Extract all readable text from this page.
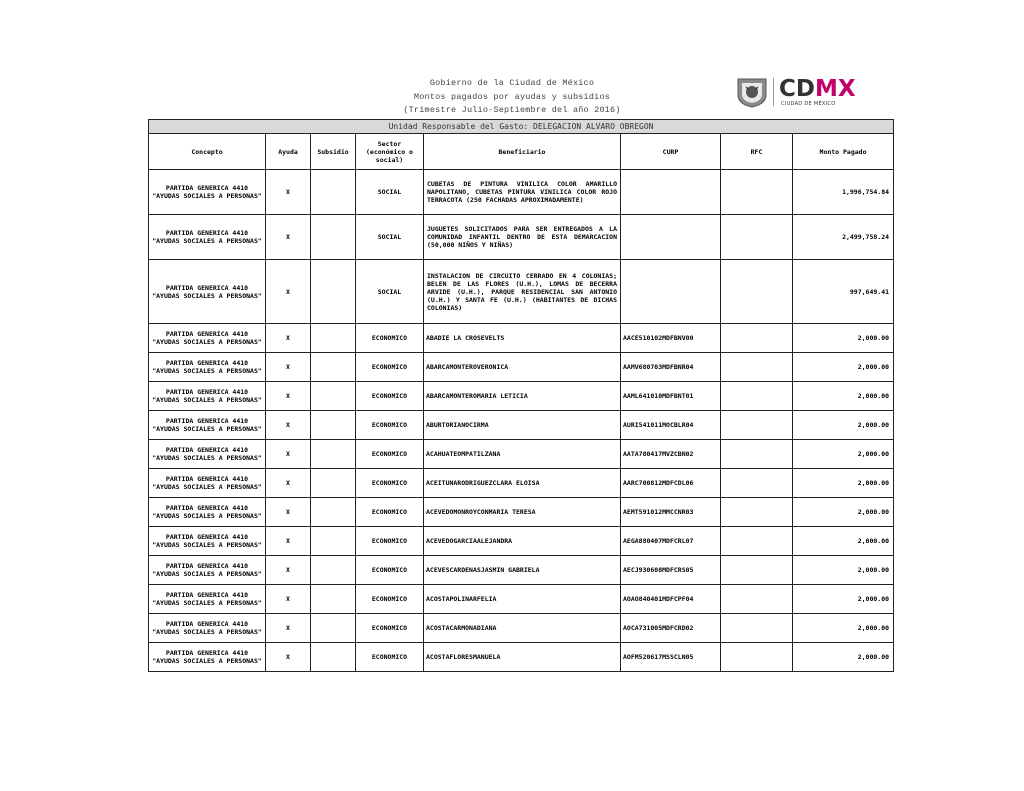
Gobierno de la Ciudad de México
Montos pagados por ayudas y subsidios
(Trimestre Julio-Septiembre del año 2016)
CDMX
CIUDAD DE MÉXICO
Unidad Responsable del Gasto: DELEGACION ALVARO OBREGON							
Concepto	Ayuda	Subsidio	Sector (económico o social)	Beneficiario	CURP	RFC	Monto Pagado
PARTIDA GENERICA 4410 "AYUDAS SOCIALES A PERSONAS"	X		SOCIAL	CUBETAS DE PINTURA VINILICA COLOR AMARILLO NAPOLITANO, CUBETAS PINTURA VINILICA COLOR ROJO TERRACOTA (250 FACHADAS APROXIMADAMENTE)			1,996,754.84
PARTIDA GENERICA 4410 "AYUDAS SOCIALES A PERSONAS"	X		SOCIAL	JUGUETES SOLICITADOS PARA SER ENTREGADOS A LA COMUNIDAD INFANTIL DENTRO DE ESTA DEMARCACION (50,000 NIÑOS Y NIÑAS)			2,499,758.24
PARTIDA GENERICA 4410 "AYUDAS SOCIALES A PERSONAS"	X		SOCIAL	INSTALACION DE CIRCUITO CERRADO EN 4 COLONIAS; BELEN DE LAS FLORES (U.H.), LOMAS DE BECERRA ARVIDE (U.H.), PARQUE RESIDENCIAL SAN ANTONIO (U.H.) Y SANTA FE (U.H.) (HABITANTES DE DICHAS COLONIAS)			997,649.41
PARTIDA GENERICA 4410 "AYUDAS SOCIALES A PERSONAS"	X		ECONOMICO	ABADIE LA CROSEVELTS	AACE510102MDFBNV00		2,000.00
PARTIDA GENERICA 4410 "AYUDAS SOCIALES A PERSONAS"	X		ECONOMICO	ABARCAMONTEROVERONICA	AAMV680703MDFBNR04		2,000.00
PARTIDA GENERICA 4410 "AYUDAS SOCIALES A PERSONAS"	X		ECONOMICO	ABARCAMONTEROMARIA LETICIA	AAML641010MDFBNT01		2,000.00
PARTIDA GENERICA 4410 "AYUDAS SOCIALES A PERSONAS"	X		ECONOMICO	ABURTORIANOCIRMA	AURI541011MOCBLR04		2,000.00
PARTIDA GENERICA 4410 "AYUDAS SOCIALES A PERSONAS"	X		ECONOMICO	ACAHUATEOMPATILZANA	AATA780417MVZCBN02		2,000.00
PARTIDA GENERICA 4410 "AYUDAS SOCIALES A PERSONAS"	X		ECONOMICO	ACEITUNARODRIGUEZCLARA ELOISA	AARC700812MDFCDL06		2,000.00
PARTIDA GENERICA 4410 "AYUDAS SOCIALES A PERSONAS"	X		ECONOMICO	ACEVEDOMONROYCONMARIA TERESA	AEMT591012MMCCNR03		2,000.00
PARTIDA GENERICA 4410 "AYUDAS SOCIALES A PERSONAS"	X		ECONOMICO	ACEVEDOGARCIAALEJANDRA	AEGA880407MDFCRL07		2,000.00
PARTIDA GENERICA 4410 "AYUDAS SOCIALES A PERSONAS"	X		ECONOMICO	ACEVESCARDENASJASMIN GABRIELA	AECJ930608MDFCRS05		2,000.00
PARTIDA GENERICA 4410 "AYUDAS SOCIALES A PERSONAS"	X		ECONOMICO	ACOSTAPOLINARFELIA	AOAO840401MDFCPF04		2,000.00
PARTIDA GENERICA 4410 "AYUDAS SOCIALES A PERSONAS"	X		ECONOMICO	ACOSTACARMONADIANA	AOCA731005MDFCRD02		2,000.00
PARTIDA GENERICA 4410 "AYUDAS SOCIALES A PERSONAS"	X		ECONOMICO	ACOSTAFLORESMANUELA	AOFM520617MSSCLN05		2,000.00
